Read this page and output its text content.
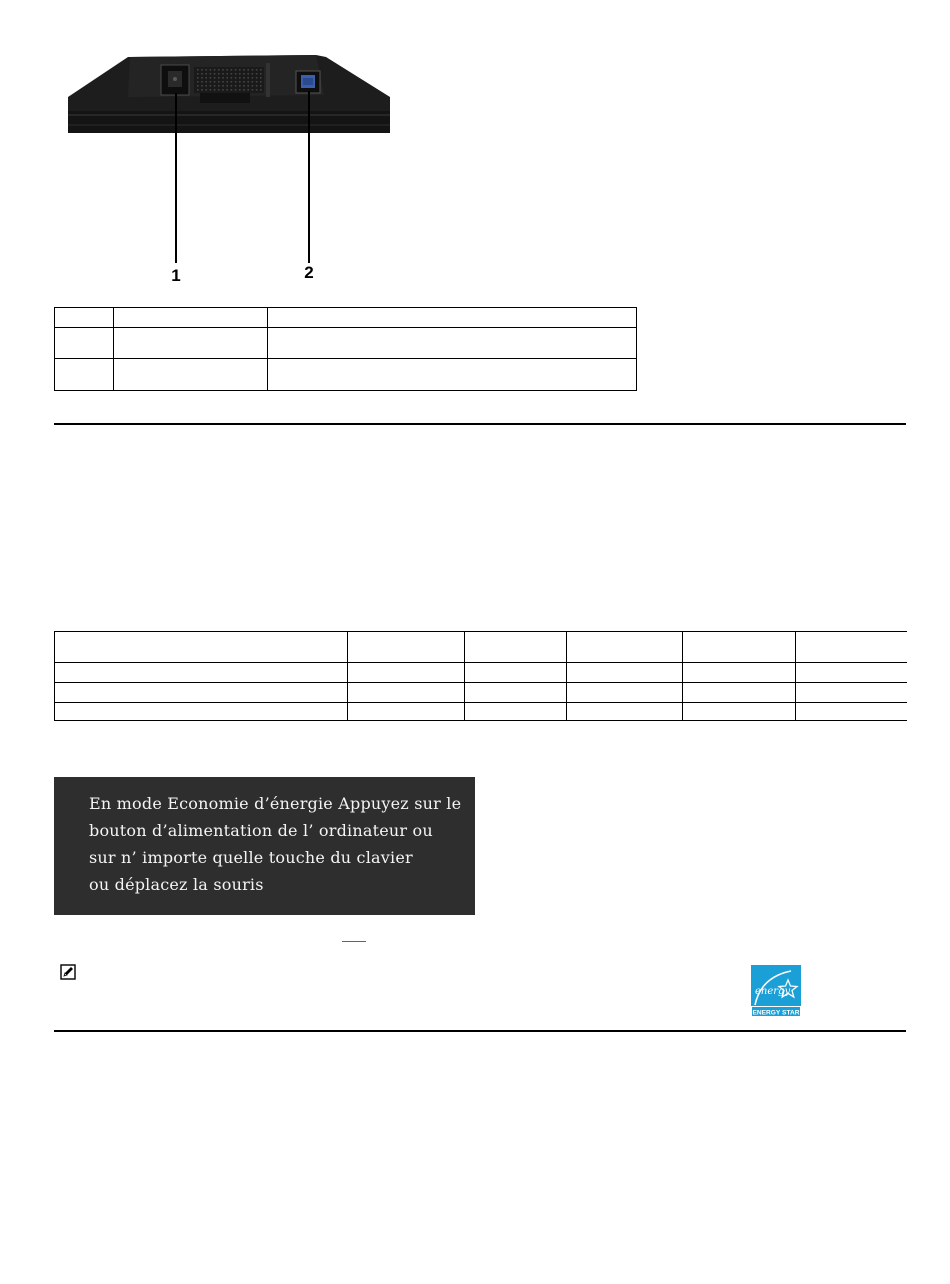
1	2

En mode Economie d’énergie Appuyez sur le
bouton d’alimentation de l’ ordinateur ou
sur n’ importe quelle touche du clavier
ou déplacez la souris
energy
ENERGY STAR
